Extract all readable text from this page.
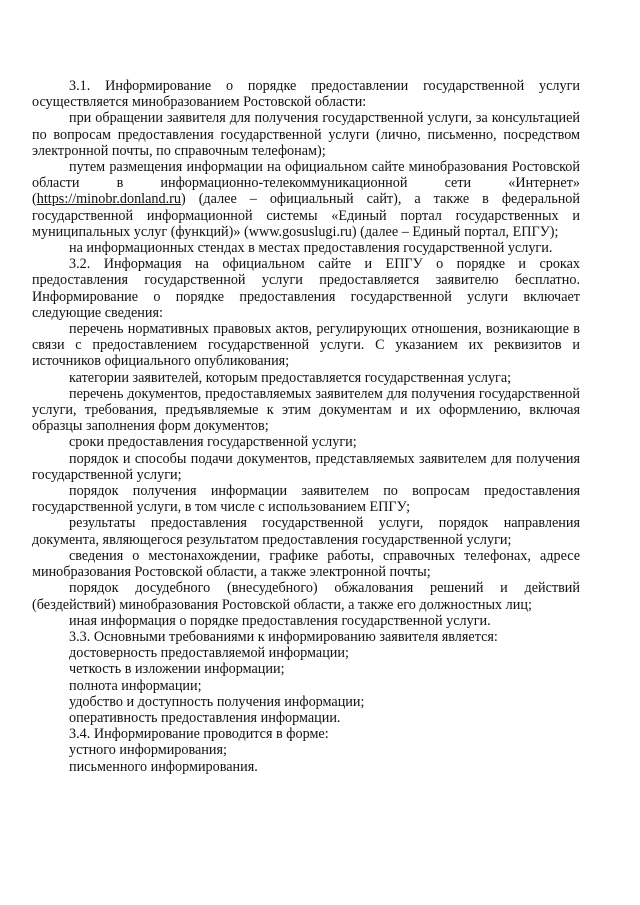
3.1. Информирование о порядке предоставлении государственной услуги осуществляется минобразованием Ростовской области:

при обращении заявителя для получения государственной услуги, за консультацией по вопросам предоставления государственной услуги (лично, письменно, посредством электронной почты, по справочным телефонам);

путем размещения информации на официальном сайте минобразования Ростовской области в информационно-телекоммуникационной сети «Интернет» (https://minobr.donland.ru) (далее – официальный сайт), а также в федеральной государственной информационной системы «Единый портал государственных и муниципальных услуг (функций)» (www.gosuslugi.ru) (далее – Единый портал, ЕПГУ);

на информационных стендах в местах предоставления государственной услуги.

3.2. Информация на официальном сайте и ЕПГУ о порядке и сроках предоставления государственной услуги предоставляется заявителю бесплатно. Информирование о порядке предоставления государственной услуги включает следующие сведения:

перечень нормативных правовых актов, регулирующих отношения, возникающие в связи с предоставлением государственной услуги. С указанием их реквизитов и источников официального опубликования;

категории заявителей, которым предоставляется государственная услуга;

перечень документов, предоставляемых заявителем для получения государственной услуги, требования, предъявляемые к этим документам и их оформлению, включая образцы заполнения форм документов;

сроки предоставления государственной услуги;

порядок и способы подачи документов, представляемых заявителем для получения государственной услуги;

порядок получения информации заявителем по вопросам предоставления государственной услуги, в том числе с использованием ЕПГУ;

результаты предоставления государственной услуги, порядок направления документа, являющегося результатом предоставления государственной услуги;

сведения о местонахождении, графике работы, справочных телефонах, адресе минобразования Ростовской области, а также электронной почты;

порядок досудебного (внесудебного) обжалования решений и действий (бездействий) минобразования Ростовской области, а также его должностных лиц;

иная информация о порядке предоставления государственной услуги.

3.3. Основными требованиями к информированию заявителя является:

достоверность предоставляемой информации;

четкость в изложении информации;

полнота информации;

удобство и доступность получения информации;

оперативность предоставления информации.

3.4. Информирование проводится в форме:

устного информирования;

письменного информирования.
